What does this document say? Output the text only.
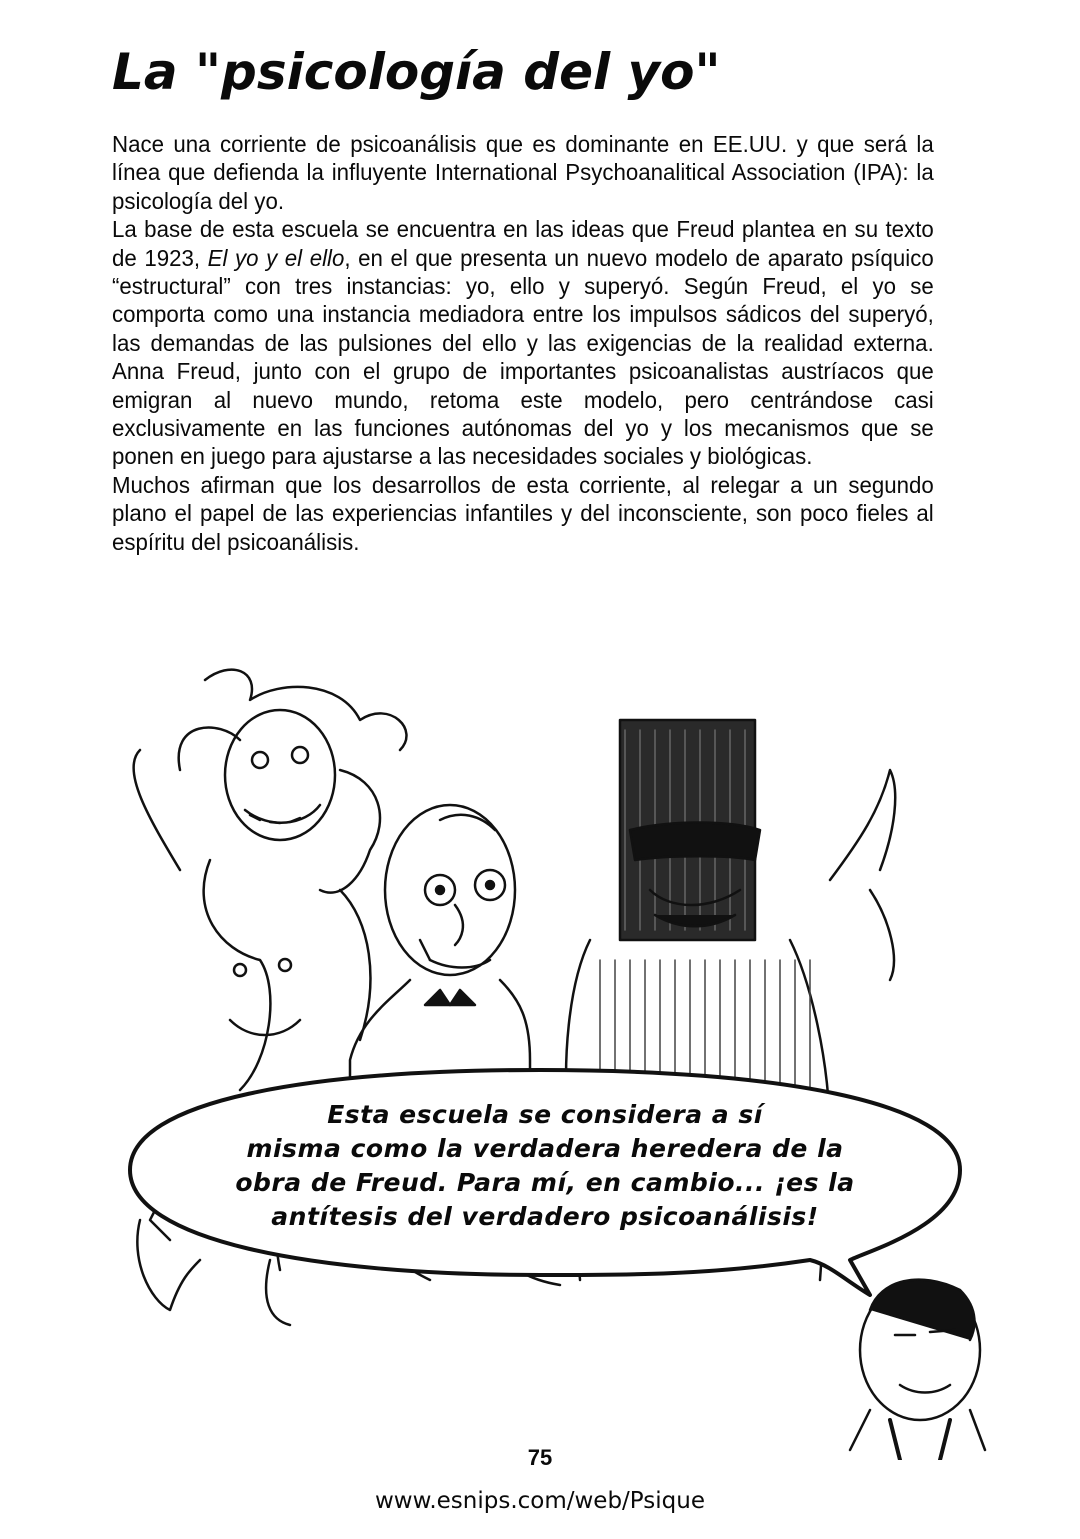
La "psicología del yo"

Nace una corriente de psicoanálisis que es dominante en EE.UU. y que será la línea que defienda la influyente International Psychoanalitical Association (IPA): la psicología del yo.

La base de esta escuela se encuentra en las ideas que Freud plantea en su texto de 1923, El yo y el ello, en el que presenta un nuevo modelo de aparato psíquico “estructural” con tres instancias: yo, ello y superyó. Según Freud, el yo se comporta como una instancia mediadora entre los impulsos sádicos del superyó, las demandas de las pulsiones del ello y las exigencias de la realidad externa. Anna Freud, junto con el grupo de importantes psicoanalistas austríacos que emigran al nuevo mundo, retoma este modelo, pero centrándose casi exclusivamente en las funciones autónomas del yo y los mecanismos que se ponen en juego para ajustarse a las necesidades sociales y biológicas.

Muchos afirman que los desarrollos de esta corriente, al relegar a un segundo plano el papel de las experiencias infantiles y del inconsciente, son poco fieles al espíritu del psicoanálisis.

Esta escuela se considera a sí
misma como la verdadera heredera de la
obra de Freud. Para mí, en cambio... ¡es la
antítesis del verdadero psicoanálisis!
75
www.esnips.com/web/Psique
